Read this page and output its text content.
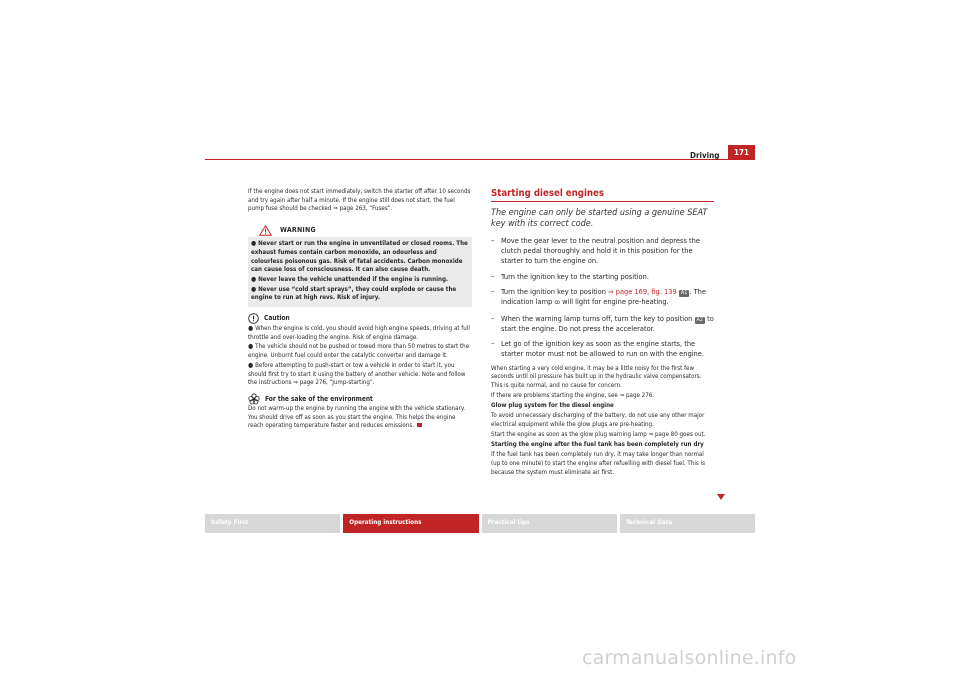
Driving	171

If the engine does not start immediately, switch the starter off after 10 seconds and try again after half a minute. If the engine still does not start, the fuel pump fuse should be checked ⇒ page 263, “Fuses”.

WARNING

● Never start or run the engine in unventilated or closed rooms. The exhaust fumes contain carbon monoxide, an odourless and colourless poisonous gas. Risk of fatal accidents. Carbon monoxide can cause loss of consciousness. It can also cause death.

● Never leave the vehicle unattended if the engine is running.

● Never use “cold start sprays”, they could explode or cause the engine to run at high revs. Risk of injury.

Caution

● When the engine is cold, you should avoid high engine speeds, driving at full throttle and over-loading the engine. Risk of engine damage.

● The vehicle should not be pushed or towed more than 50 metres to start the engine. Unburnt fuel could enter the catalytic converter and damage it.

● Before attempting to push-start or tow a vehicle in order to start it, you should first try to start it using the battery of another vehicle. Note and follow the instructions ⇒ page 276, “Jump-starting”.

For the sake of the environment

Do not warm-up the engine by running the engine with the vehicle stationary. You should drive off as soon as you start the engine. This helps the engine reach operating temperature faster and reduces emissions.

Starting diesel engines
The engine can only be started using a genuine SEAT key with its correct code.
– Move the gear lever to the neutral position and depress the clutch pedal thoroughly and hold it in this position for the starter to turn the engine on.
– Turn the ignition key to the starting position.
– Turn the ignition key to position ⇒ page 169, fig. 139 A1 . The indication lamp ꝏ will light for engine pre-heating.
– When the warning lamp turns off, turn the key to position A2 to start the engine. Do not press the accelerator.
– Let go of the ignition key as soon as the engine starts, the starter motor must not be allowed to run on with the engine.

When starting a very cold engine, it may be a little noisy for the first few seconds until oil pressure has built up in the hydraulic valve compensators. This is quite normal, and no cause for concern.

If there are problems starting the engine, see ⇒ page 276.

Glow plug system for the diesel engine

To avoid unnecessary discharging of the battery, do not use any other major electrical equipment while the glow plugs are pre-heating.

Start the engine as soon as the glow plug warning lamp ⇒ page 80 goes out.

Starting the engine after the fuel tank has been completely run dry

If the fuel tank has been completely run dry, it may take longer than normal (up to one minute) to start the engine after refuelling with diesel fuel. This is because the system must eliminate air first.

Safety First	Operating instructions	Practical tips	Technical Data
carmanualsonline.info
